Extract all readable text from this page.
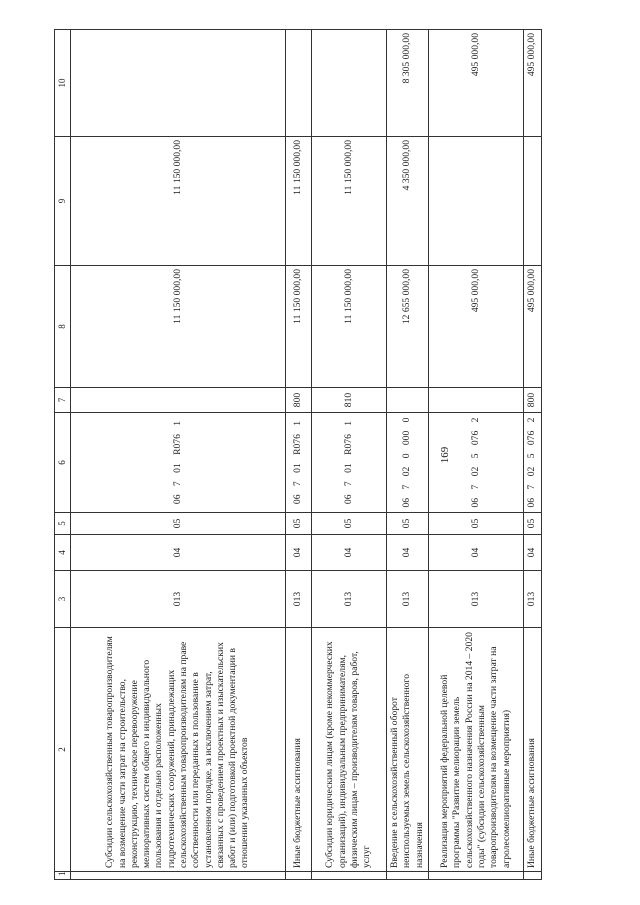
169
1	2	3	4	5	6	7	8	9	10
	Субсидии сельскохозяйственным товаропроизводителям на возмещение части затрат на строительство, реконструкцию, техническое перевооружение мелиоративных систем общего и индивидуального пользования и отдельно расположенных гидротехнических сооружений, принадлежащих сельскохозяйственным товаропроизводителям на праве собственности или переданных в пользование в установленном порядке, за исключением затрат, связанных с проведением проектных и изыскательских работ и (или) подготовкой проектной документации в отношении указанных объектов	013	04	05	06 7 01 R076 1		11 150 000,00	11 150 000,00	
	Иные бюджетные ассигнования	013	04	05	06 7 01 R076 1	800	11 150 000,00	11 150 000,00	
	Субсидии юридическим лицам (кроме некоммерческих организаций), индивидуальным предпринимателям, физическим лицам – производителям товаров, работ, услуг	013	04	05	06 7 01 R076 1	810	11 150 000,00	11 150 000,00	
	Введение в сельскохозяйственный оборот неиспользуемых земель сельскохозяйственного назначения	013	04	05	06 7 02 0 000 0		12 655 000,00	4 350 000,00	8 305 000,00
	Реализация мероприятий федеральной целевой программы "Развитие мелиорации земель сельскохозяйственного назначения России на 2014 – 2020 годы" (субсидии сельскохозяйственным товаропроизводителям на возмещение части затрат на агролесомелиоративные мероприятия)	013	04	05	06 7 02 5 076 2		495 000,00		495 000,00
	Иные бюджетные ассигнования	013	04	05	06 7 02 5 076 2	800	495 000,00		495 000,00
